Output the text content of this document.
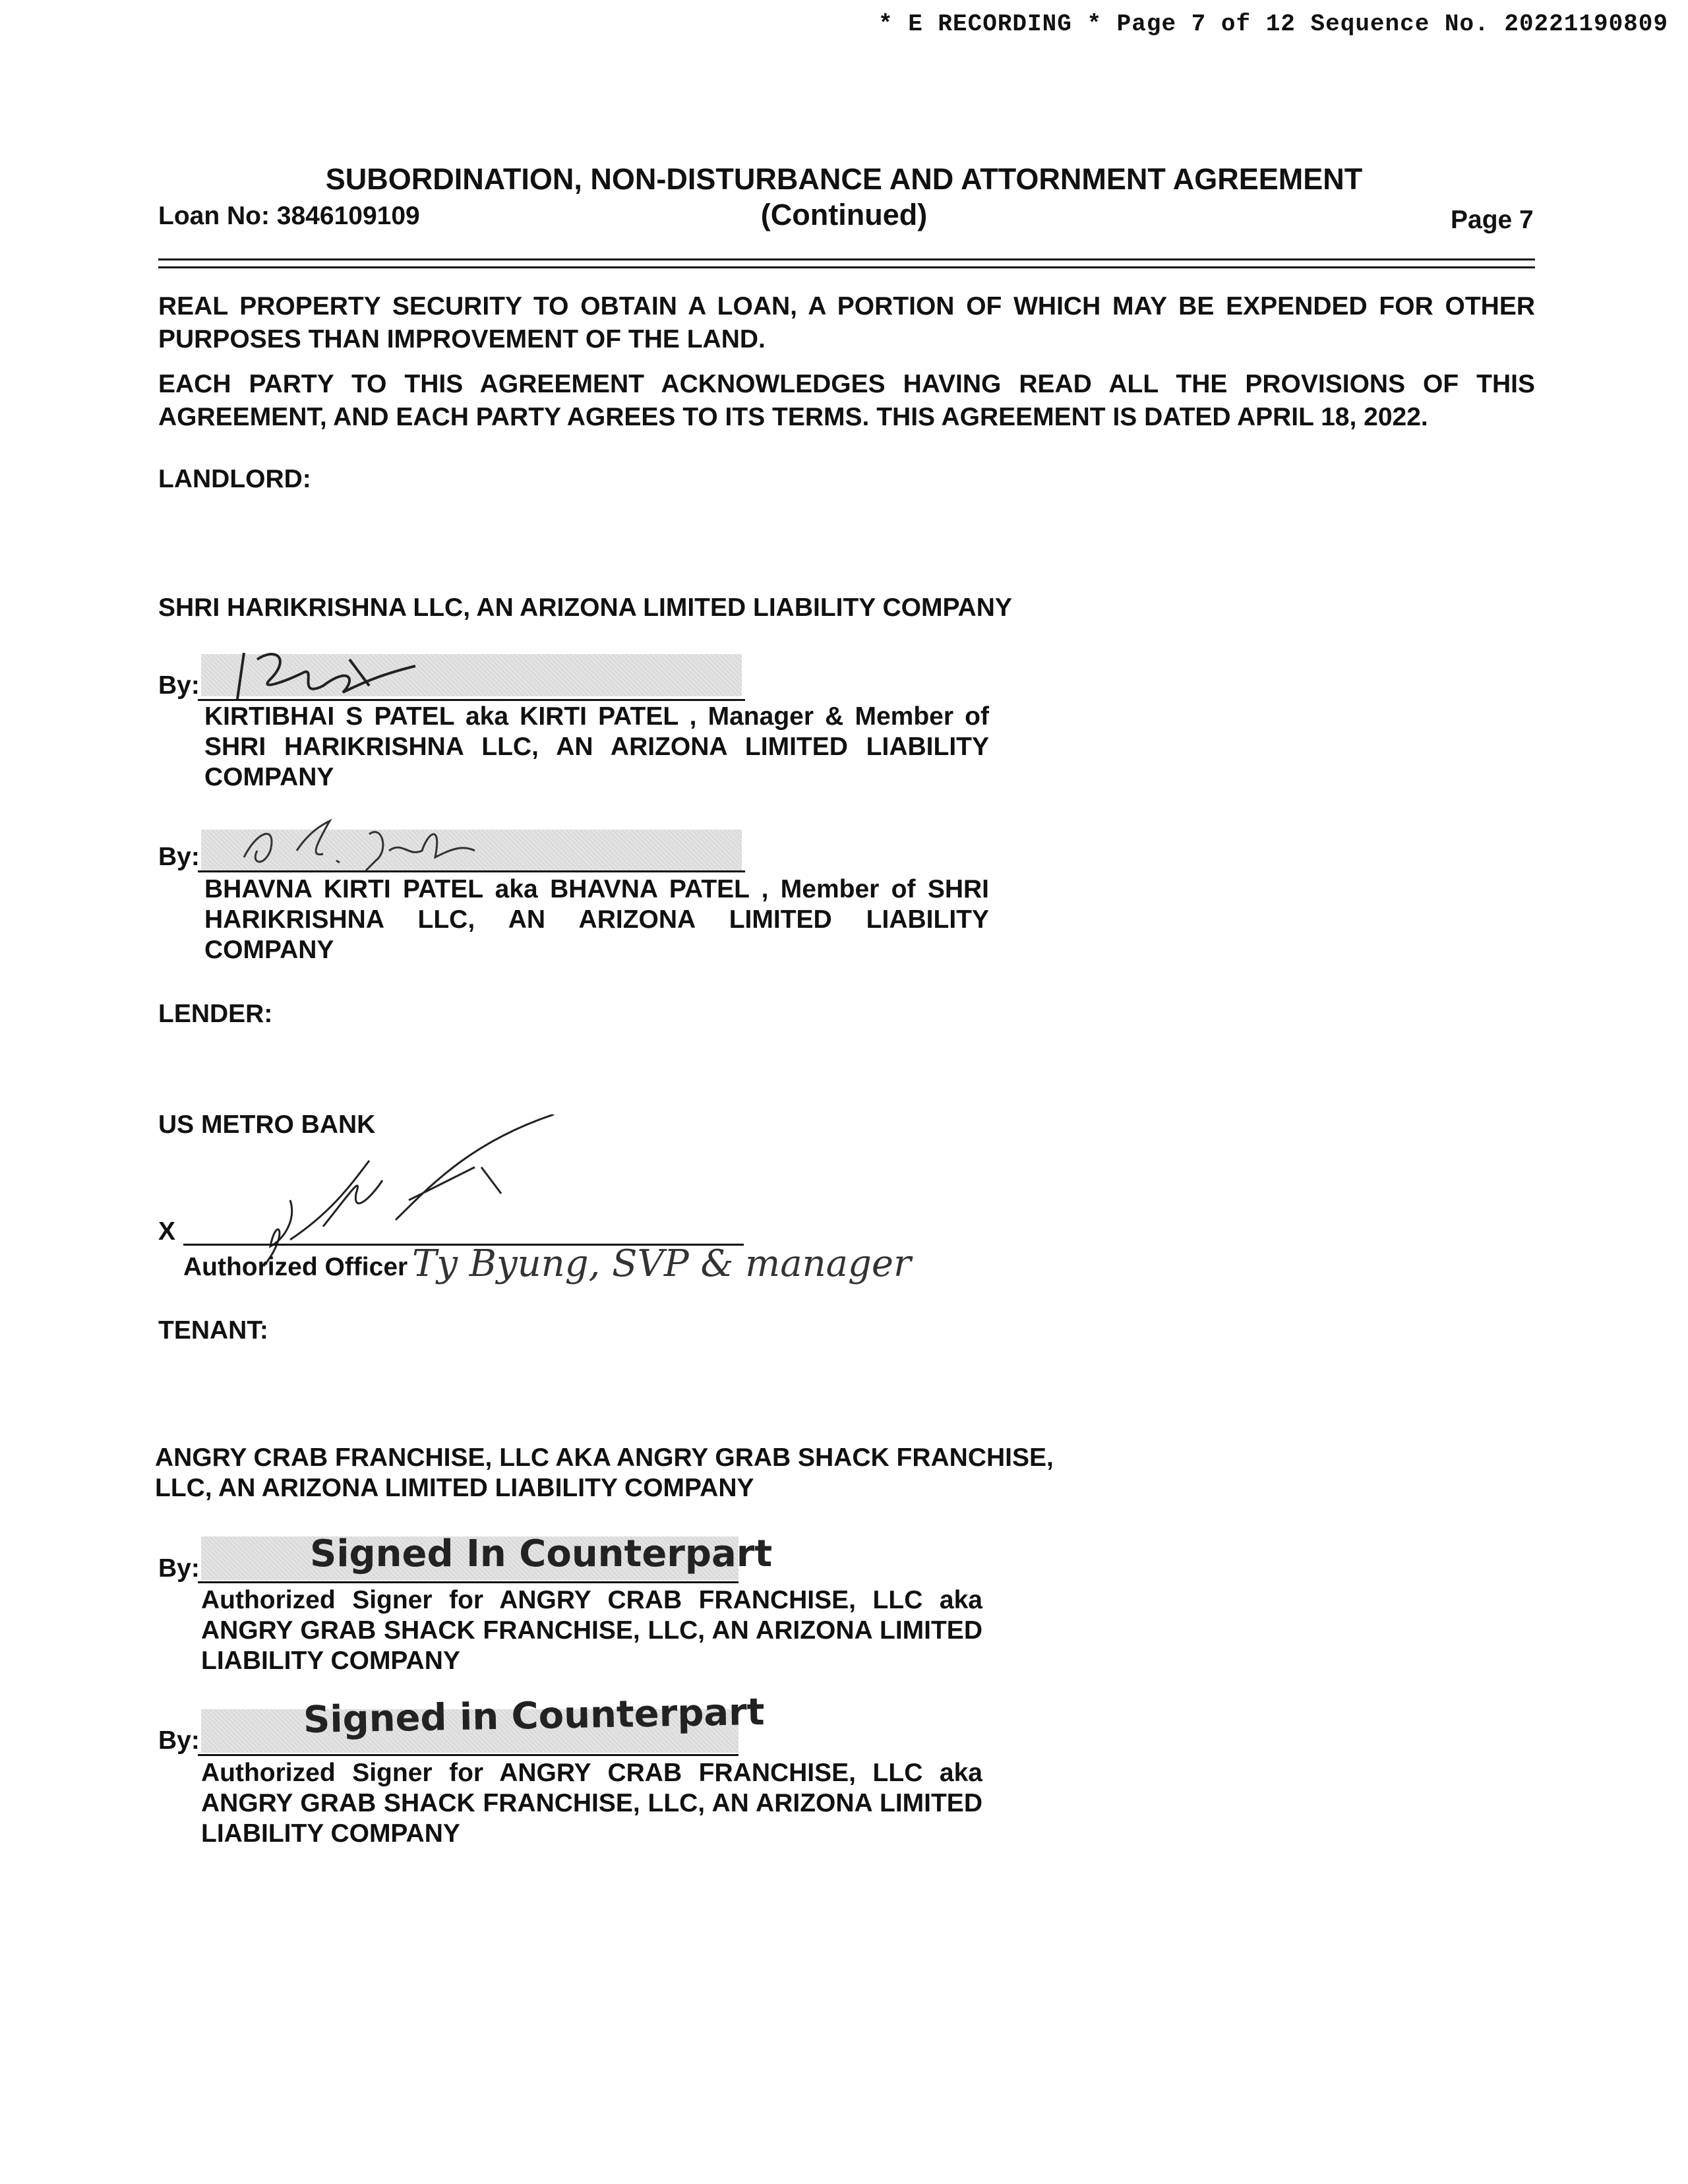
* E RECORDING * Page 7 of 12 Sequence No. 20221190809
SUBORDINATION, NON-DISTURBANCE AND ATTORNMENT AGREEMENT
Loan No: 3846109109	(Continued)	Page 7
REAL PROPERTY SECURITY TO OBTAIN A LOAN, A PORTION OF WHICH MAY BE EXPENDED FOR OTHER PURPOSES THAN IMPROVEMENT OF THE LAND.
EACH PARTY TO THIS AGREEMENT ACKNOWLEDGES HAVING READ ALL THE PROVISIONS OF THIS AGREEMENT, AND EACH PARTY AGREES TO ITS TERMS. THIS AGREEMENT IS DATED APRIL 18, 2022.
LANDLORD:
SHRI HARIKRISHNA LLC, AN ARIZONA LIMITED LIABILITY COMPANY
By:
KIRTIBHAI S PATEL aka KIRTI PATEL , Manager & Member of SHRI HARIKRISHNA LLC, AN ARIZONA LIMITED LIABILITY COMPANY
By:
BHAVNA KIRTI PATEL aka BHAVNA PATEL , Member of SHRI HARIKRISHNA LLC, AN ARIZONA LIMITED LIABILITY COMPANY
LENDER:
US METRO BANK
X
Authorized Officer Ty Byung, SVP & manager
TENANT:
ANGRY CRAB FRANCHISE, LLC AKA ANGRY GRAB SHACK FRANCHISE, LLC, AN ARIZONA LIMITED LIABILITY COMPANY
By:	Signed In Counterpart
Authorized Signer for ANGRY CRAB FRANCHISE, LLC aka ANGRY GRAB SHACK FRANCHISE, LLC, AN ARIZONA LIMITED LIABILITY COMPANY
By:	Signed in Counterpart
Authorized Signer for ANGRY CRAB FRANCHISE, LLC aka ANGRY GRAB SHACK FRANCHISE, LLC, AN ARIZONA LIMITED LIABILITY COMPANY
